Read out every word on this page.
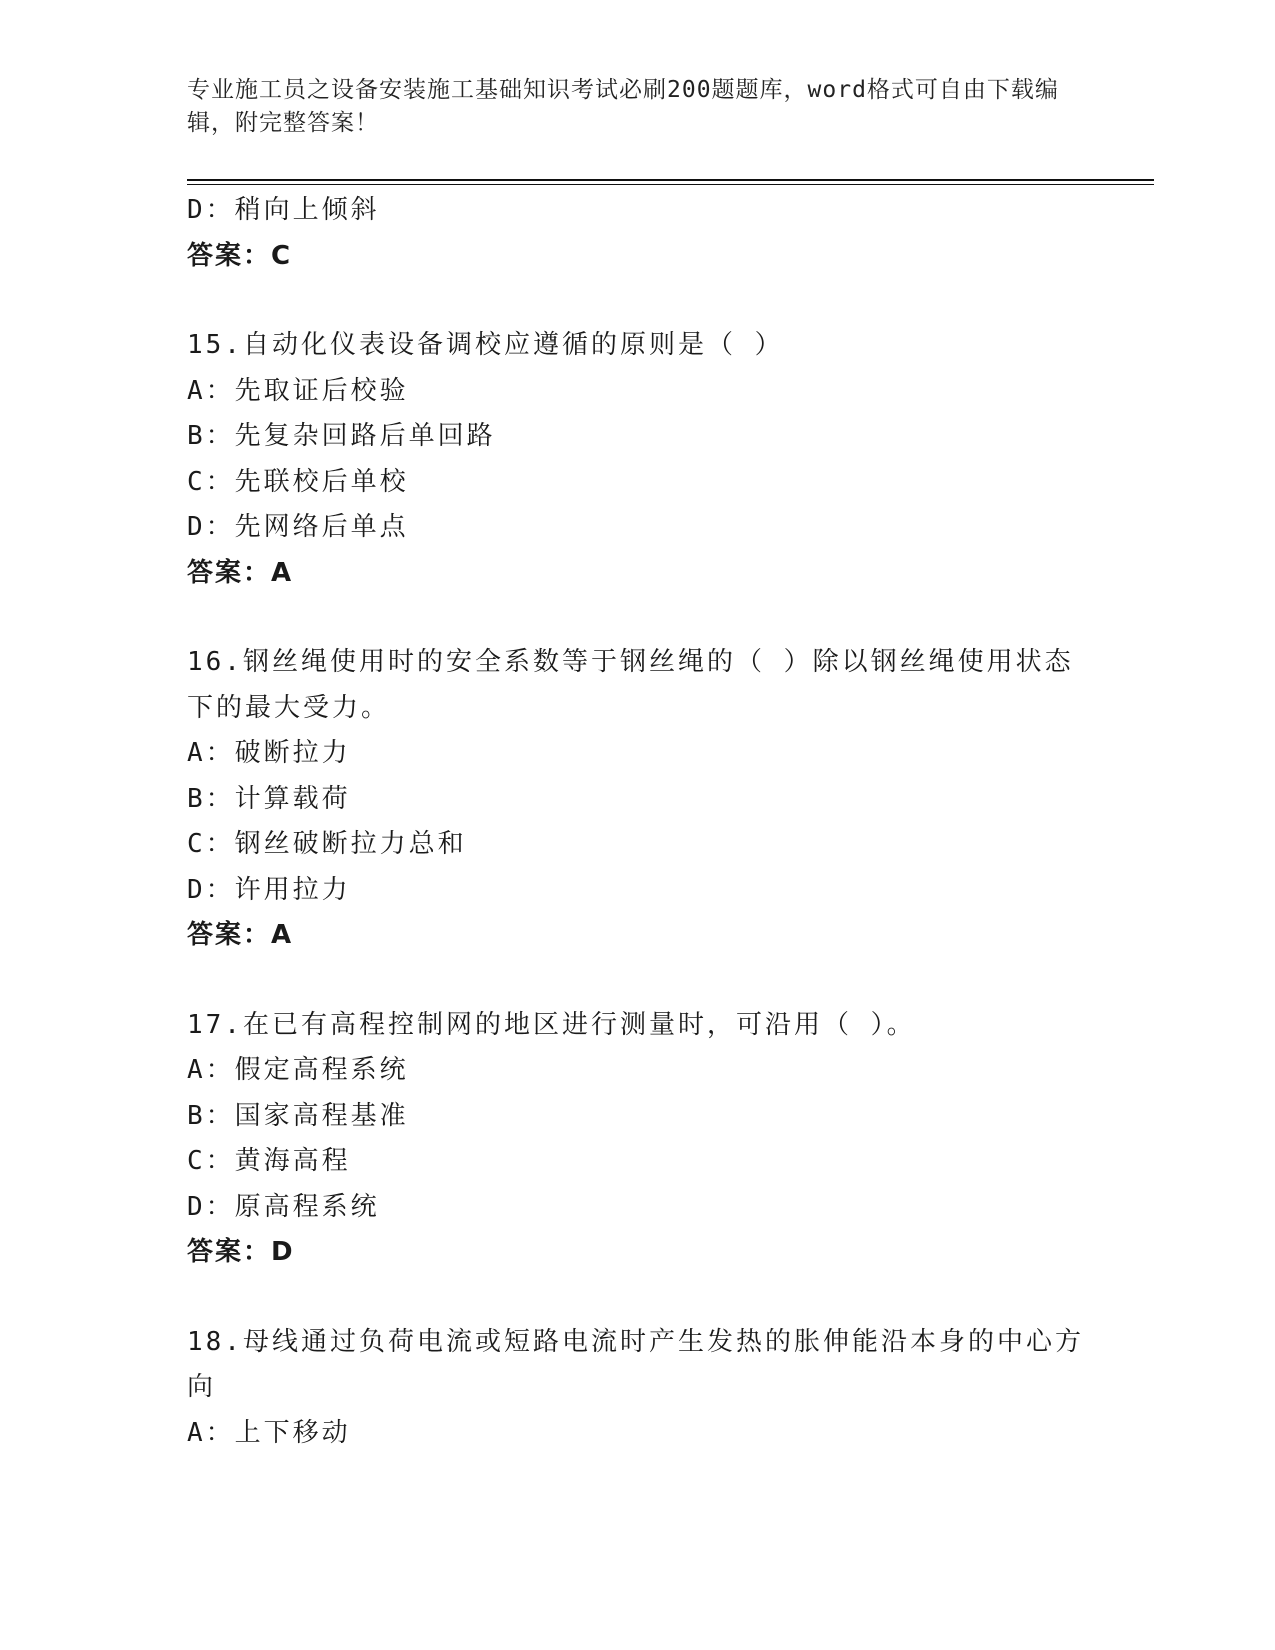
专业施工员之设备安装施工基础知识考试必刷200题题库，word格式可自由下载编辑，附完整答案！
D：稍向上倾斜
答案：C
15.自动化仪表设备调校应遵循的原则是（ ）
A：先取证后校验
B：先复杂回路后单回路
C：先联校后单校
D：先网络后单点
答案：A
16.钢丝绳使用时的安全系数等于钢丝绳的（ ）除以钢丝绳使用状态
下的最大受力。
A：破断拉力
B：计算载荷
C：钢丝破断拉力总和
D：许用拉力
答案：A
17.在已有高程控制网的地区进行测量时，可沿用（ ）。
A：假定高程系统
B：国家高程基准
C：黄海高程
D：原高程系统
答案：D
18.母线通过负荷电流或短路电流时产生发热的胀伸能沿本身的中心方
向
A：上下移动
